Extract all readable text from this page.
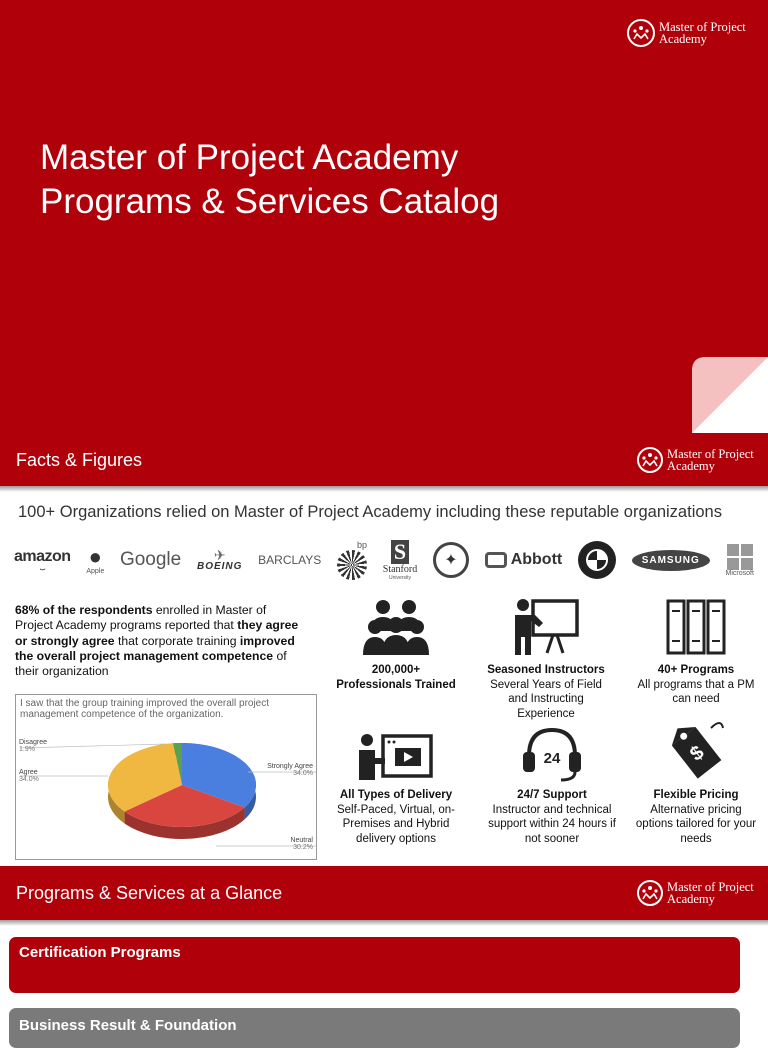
Master of Project
Academy
Master of Project Academy
Programs & Services Catalog
Facts & Figures	Master of Project
Academy
100+ Organizations relied on Master of Project Academy including these reputable organizations
amazon
⌣
●
Apple
Google ✈
BOEING BARCLAYS
bp S
Stanford
University
✦	Abbott	SAMSUNG
Microsoft

68% of the respondents enrolled in Master of Project Academy programs reported that they agree or strongly agree that corporate training improved the overall project management competence of their organization

I saw that the group training improved the overall project management competence of the organization.
Disagree
1.9%
Agree
34.0%
Strongly Agree
34.0%
Neutral
30.2%
200,000+
Professionals Trained
Seasoned Instructors
Several Years of Field and Instructing Experience
40+ Programs
All programs that a PM can need
All Types of Delivery
Self-Paced, Virtual, on-Premises and Hybrid delivery options
24
24/7 Support
Instructor and technical support within 24 hours if not sooner
$
Flexible Pricing
Alternative pricing options tailored for your needs
Programs & Services at a Glance	Master of Project
Academy
Certification Programs
Business Result & Foundation
